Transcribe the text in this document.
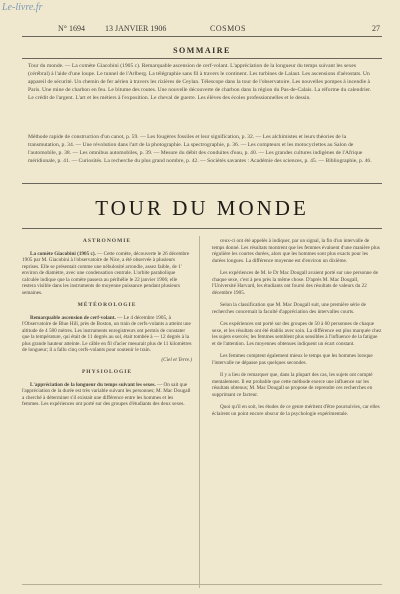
Le-livre.fr
N° 1694	13 JANVIER 1906	COSMOS	27
SOMMAIRE
Tour du monde. — La comète Giacobini (1905 c). Remarquable ascension de cerf-volant. L'appréciation de la longueur du temps suivant les sexes (cérébral) à l'aide d'une loupe. Le tunnel de l'Arlberg. La télégraphie sans fil à travers le continent. Les turbines de Lalaut. Les ascensions d'aérostats. Un appareil de sécurité. Un chemin de fer aérien à travers les rizières de Ceylan. Télescope dans la tour de l'observatoire. Les nouvelles pompes à incendie à Paris. Une mine de charbon en feu. Le bitume des routes. Une nouvelle découverte de charbon dans la région du Pas-de-Calais. La réforme du calendrier. Le crédit de l'argent. L'art et les métiers à l'exposition. Le cheval de guerre. Les élèves des écoles professionnelles et le dessin.
Méthode rapide de construction d'un canot, p. 59. — Les fougères fossiles et leur signification, p. 32. — Les alchimistes et leurs théories de la transmutation, p. 34. — Une révolution dans l'art de la photographie. La spectrographie, p. 36. — Les compteurs et les motocyclettes au Salon de l'automobile, p. 38. — Les omnibus automobiles, p. 39. — Mesure du débit des conduites d'eau, p. 40. — Les grandes cultures indigènes de l'Afrique méridionale, p. 41. — Curiosités. La recherche du plus grand nombre, p. 42. — Sociétés savantes : Académie des sciences, p. 45. — Bibliographie, p. 46.
TOUR DU MONDE
ASTRONOMIE
La comète Giacobini (1905 c). — Cette comète, découverte le 26 décembre 1905 par M. Giacobini à l'observatoire de Nice, a été observée à plusieurs reprises. Elle se présentait comme une nébulosité arrondie, assez faible, de 1' environ de diamètre, avec une condensation centrale. L'orbite parabolique calculée indique que la comète passera au périhélie le 22 janvier 1906; elle restera visible dans les instruments de moyenne puissance pendant plusieurs semaines.
MÉTÉOROLOGIE
Remarquable ascension de cerf-volant. — Le 4 décembre 1905, à l'Observatoire de Blue Hill, près de Boston, un train de cerfs-volants a atteint une altitude de 4 580 mètres. Les instruments enregistreurs ont permis de constater que la température, qui était de 11 degrés au sol, était tombée à — 12 degrés à la plus grande hauteur atteinte. Le câble en fil d'acier mesurait plus de 11 kilomètres de longueur; il a fallu cinq cerfs-volants pour soutenir le train.
(Ciel et Terre.)
PHYSIOLOGIE
L'appréciation de la longueur du temps suivant les sexes. — On sait que l'appréciation de la durée est très variable suivant les personnes; M. Mac Dougall a cherché à déterminer s'il existait une différence entre les hommes et les femmes. Les expériences ont porté sur des groupes d'étudiants des deux sexes.
ceux-ci ont été appelés à indiquer, par un signal, la fin d'un intervalle de temps donné. Les résultats montrent que les femmes évaluent d'une manière plus régulière les courtes durées, alors que les hommes sont plus exacts pour les durées longues. La différence moyenne est d'environ un dixième.
Les expériences de M. le Dr Mac Dougall avaient porté sur une personne de chaque sexe, c'est à peu près la même chose. D'après M. Mac Dougall, l'Université Harvard, les étudiants ont fourni des résultats de valeurs du 22 décembre 1905.
Selon la classification que M. Mac Dougall suit, une première série de recherches concernait la faculté d'appréciation des intervalles courts.
Ces expériences ont porté sur des groupes de 50 à 60 personnes de chaque sexe, et les résultats ont été établis avec soin. La différence est plus marquée chez les sujets exercés; les femmes semblent plus sensibles à l'influence de la fatigue et de l'attention. Les moyennes obtenues indiquent un écart constant.
Les femmes comptent également mieux le temps que les hommes lorsque l'intervalle ne dépasse pas quelques secondes.
Il y a lieu de remarquer que, dans la plupart des cas, les sujets ont compté mentalement. Il est probable que cette méthode exerce une influence sur les résultats obtenus; M. Mac Dougall se propose de reprendre ces recherches en supprimant ce facteur.
Quoi qu'il en soit, les études de ce genre méritent d'être poursuivies, car elles éclairent un point encore obscur de la psychologie expérimentale.
